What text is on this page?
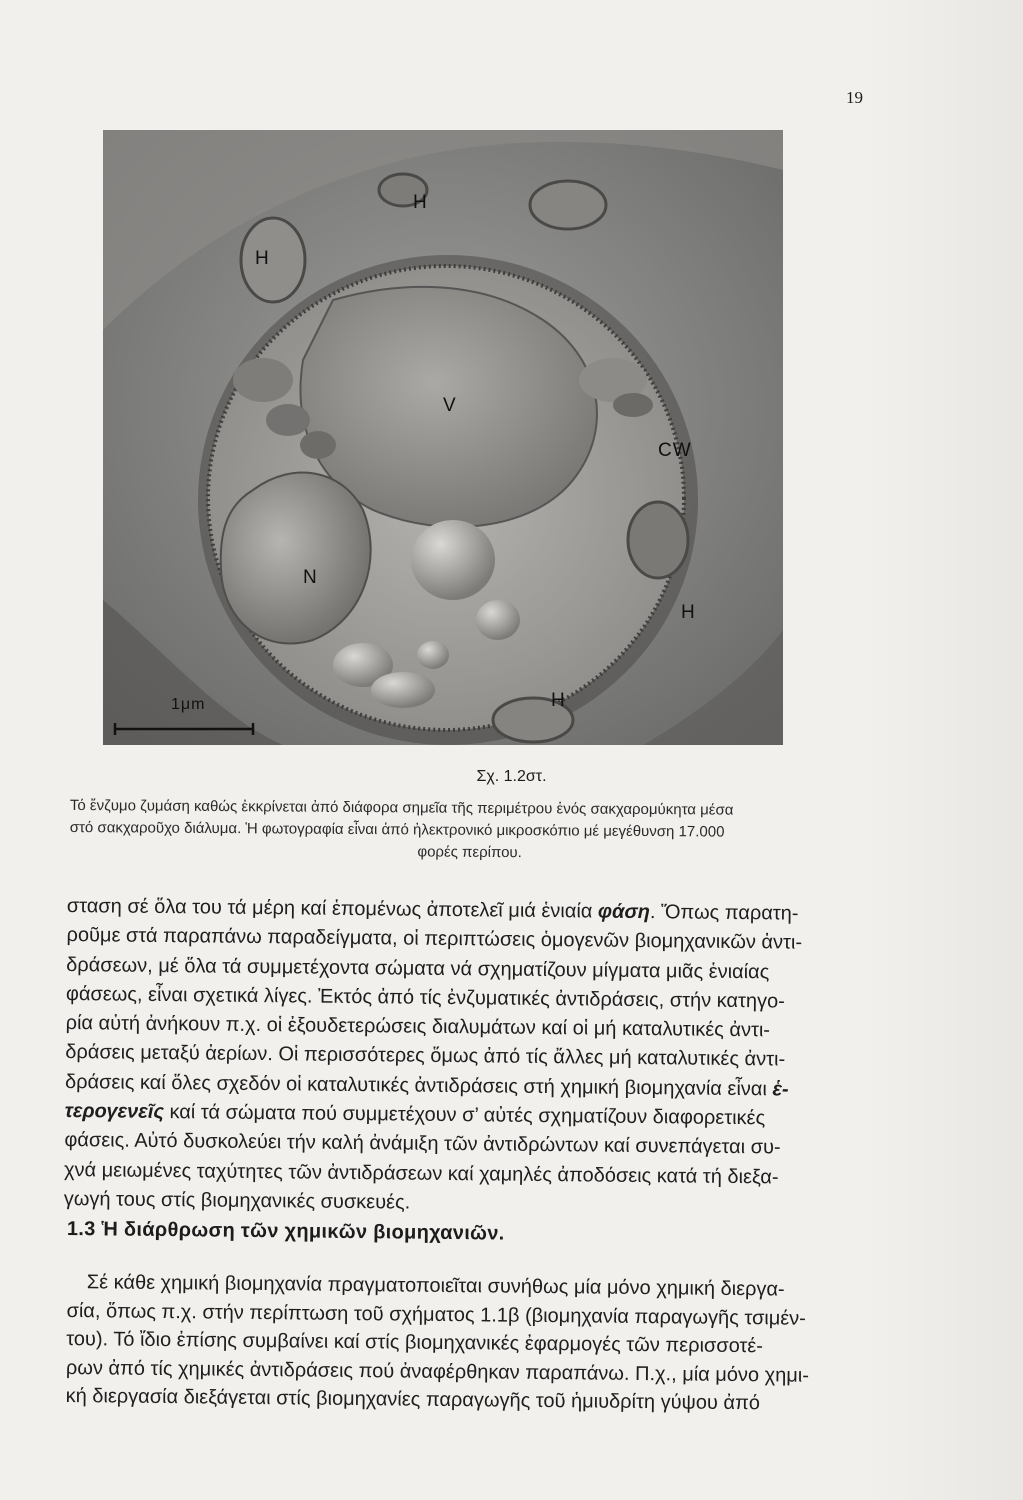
19
H
H
V
CW
N
H
H
1μm
Σχ. 1.2στ.
Τό ἔνζυμο ζυμάση καθώς ἐκκρίνεται ἀπό διάφορα σημεῖα τῆς περιμέτρου ἑνός σακχαρομύκητα μέσα
στό σακχαροῦχο διάλυμα. Ἡ φωτογραφία εἶναι ἀπό ἠλεκτρονικό μικροσκόπιο μέ μεγέθυνση 17.000
φορές περίπου.
σταση σέ ὅλα του τά μέρη καί ἑπομένως ἀποτελεῖ μιά ἑνιαία φάση. Ὅπως παρατη-
ροῦμε στά παραπάνω παραδείγματα, οἱ περιπτώσεις ὁμογενῶν βιομηχανικῶν ἀντι-
δράσεων, μέ ὅλα τά συμμετέχοντα σώματα νά σχηματίζουν μίγματα μιᾶς ἑνιαίας
φάσεως, εἶναι σχετικά λίγες. Ἐκτός ἀπό τίς ἐνζυματικές ἀντιδράσεις, στήν κατηγο-
ρία αὐτή ἀνήκουν π.χ. οἱ ἐξουδετερώσεις διαλυμάτων καί οἱ μή καταλυτικές ἀντι-
δράσεις μεταξύ ἀερίων. Οἱ περισσότερες ὅμως ἀπό τίς ἄλλες μή καταλυτικές ἀντι-
δράσεις καί ὅλες σχεδόν οἱ καταλυτικές ἀντιδράσεις στή χημική βιομηχανία εἶναι ἑ-
τερογενεῖς καί τά σώματα πού συμμετέχουν σ’ αὐτές σχηματίζουν διαφορετικές
φάσεις. Αὐτό δυσκολεύει τήν καλή ἀνάμιξη τῶν ἀντιδρώντων καί συνεπάγεται συ-
χνά μειωμένες ταχύτητες τῶν ἀντιδράσεων καί χαμηλές ἀποδόσεις κατά τή διεξα-
γωγή τους στίς βιομηχανικές συσκευές.
1.3 Ἡ διάρθρωση τῶν χημικῶν βιομηχανιῶν.
Σέ κάθε χημική βιομηχανία πραγματοποιεῖται συνήθως μία μόνο χημική διεργα-
σία, ὅπως π.χ. στήν περίπτωση τοῦ σχήματος 1.1β (βιομηχανία παραγωγῆς τσιμέν-
του). Τό ἴδιο ἐπίσης συμβαίνει καί στίς βιομηχανικές ἐφαρμογές τῶν περισσοτέ-
ρων ἀπό τίς χημικές ἀντιδράσεις πού ἀναφέρθηκαν παραπάνω. Π.χ., μία μόνο χημι-
κή διεργασία διεξάγεται στίς βιομηχανίες παραγωγῆς τοῦ ἡμιυδρίτη γύψου ἀπό
